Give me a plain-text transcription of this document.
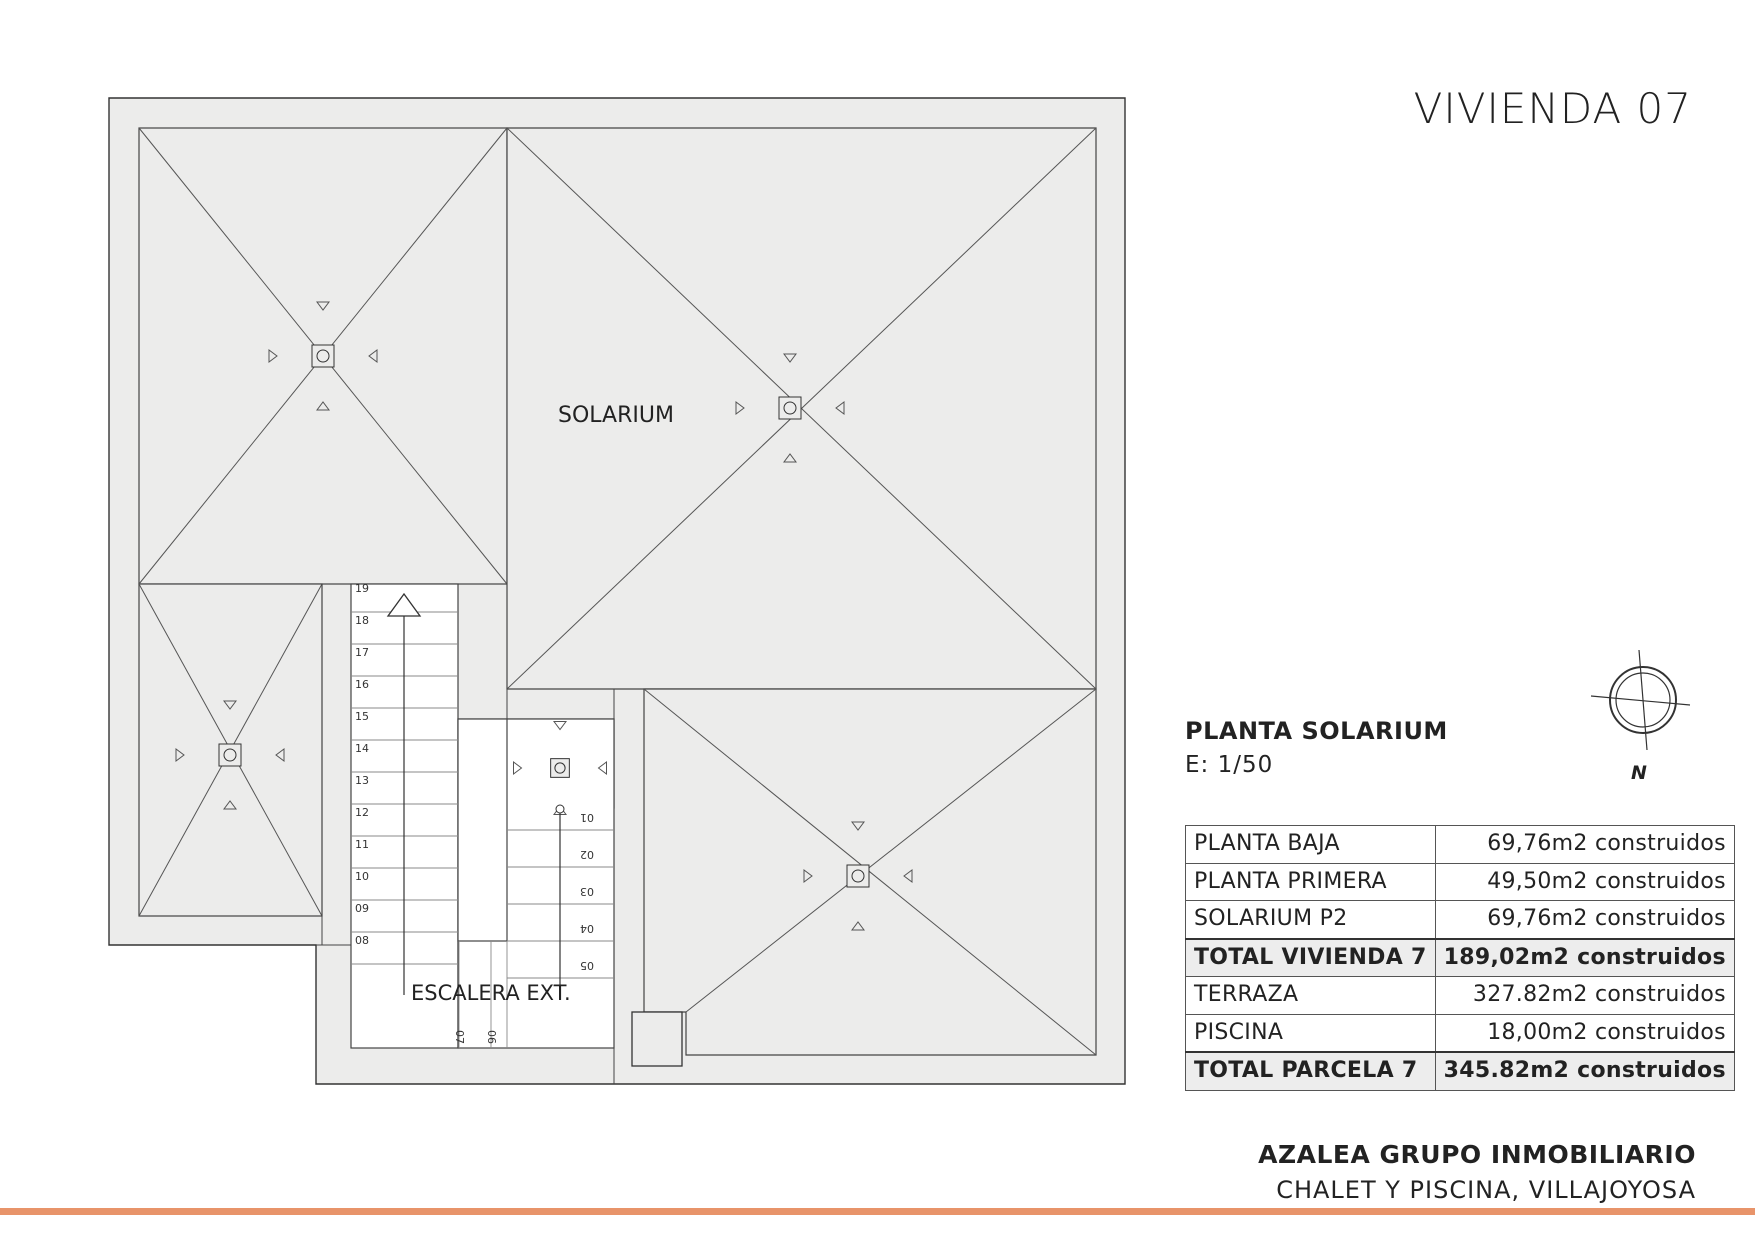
19
18
17
16
15
14
13
12
11
10
09
08
01
02
03
04
05
07 06
SOLARIUM
ESCALERA EXT.
N
VIVIENDA 07
PLANTA SOLARIUM
E: 1/50
PLANTA BAJA	69,76m2 construidos
PLANTA PRIMERA	49,50m2 construidos
SOLARIUM P2	69,76m2 construidos
TOTAL VIVIENDA 7	189,02m2 construidos
TERRAZA	327.82m2 construidos
PISCINA	18,00m2 construidos
TOTAL PARCELA 7	345.82m2 construidos
AZALEA GRUPO INMOBILIARIO
CHALET Y PISCINA, VILLAJOYOSA
